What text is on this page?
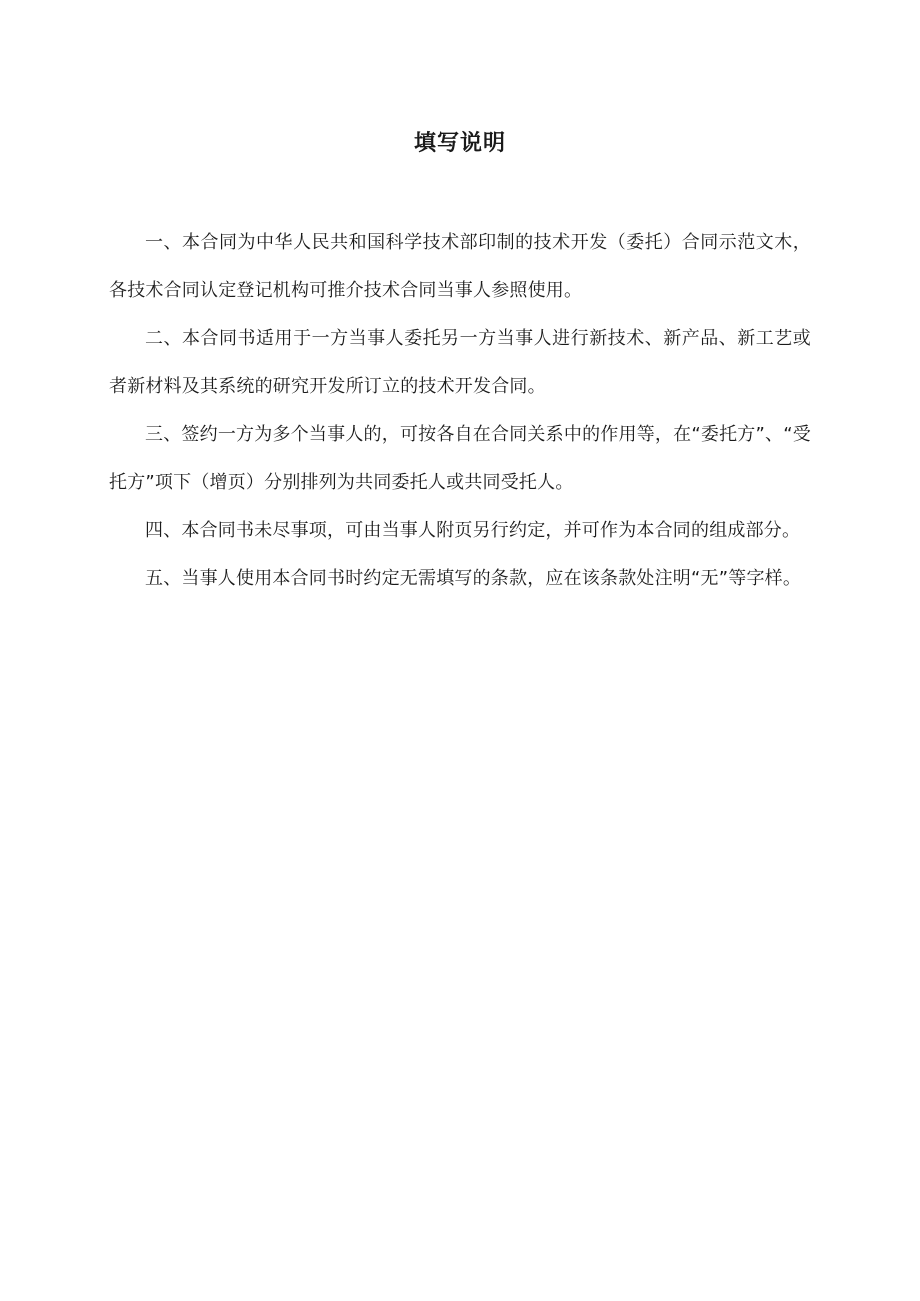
填写说明

一、本合同为中华人民共和国科学技术部印制的技术开发（委托）合同示范文木，各技术合同认定登记机构可推介技术合同当事人参照使用。

二、本合同书适用于一方当事人委托另一方当事人进行新技术、新产品、新工艺或者新材料及其系统的研究开发所订立的技术开发合同。

三、签约一方为多个当事人的，可按各自在合同关系中的作用等，在“委托方”、“受托方”项下（增页）分别排列为共同委托人或共同受托人。

四、本合同书未尽事项，可由当事人附页另行约定，并可作为本合同的组成部分。

五、当事人使用本合同书时约定无需填写的条款，应在该条款处注明“无”等字样。
